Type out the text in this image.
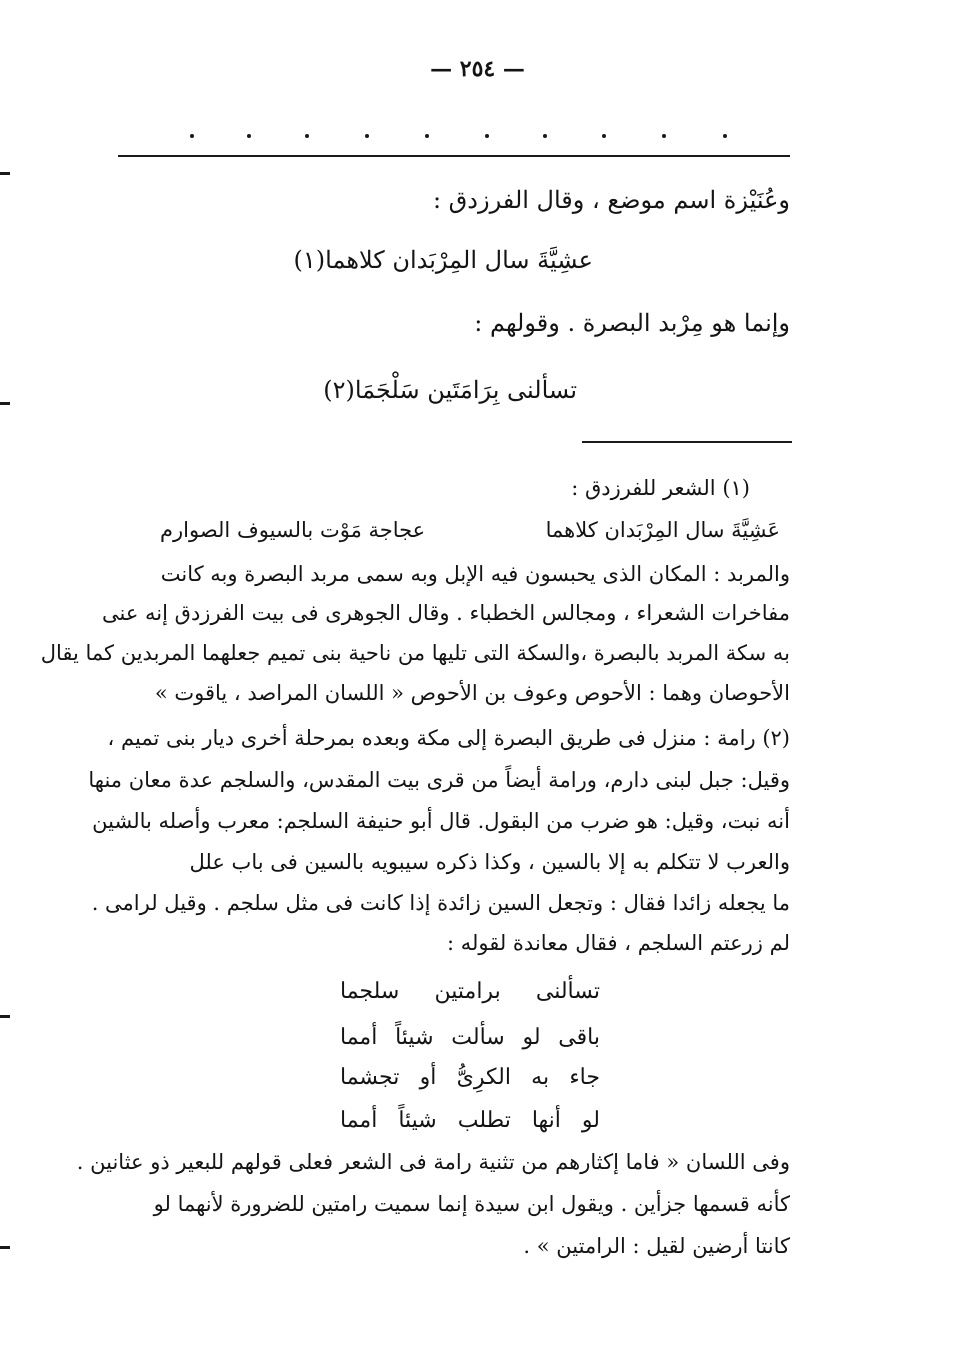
— ٢٥٤ —
وعُنَيْزة اسم موضع ، وقال الفرزدق :
عشِيَّةَ سال المِرْبَدان كلاهما(١)
وإنما هو مِرْبد البصرة . وقولهم :
تسألنى بِرَامَتَين سَلْجَمَا(٢)
(١) الشعر للفرزدق :
عَشِيَّةَ سال المِرْبَدان كلاهما
عجاجة مَوْت بالسيوف الصوارم
والمربد : المكان الذى يحبسون فيه الإبل وبه سمى مربد البصرة وبه كانت
مفاخرات الشعراء ، ومجالس الخطباء . وقال الجوهرى فى بيت الفرزدق إنه عنى
به سكة المربد بالبصرة ،والسكة التى تليها من ناحية بنى تميم جعلهما المربدين كما يقال
الأحوصان وهما : الأحوص وعوف بن الأحوص « اللسان المراصد ، ياقوت »
(٢) رامة : منزل فى طريق البصرة إلى مكة وبعده بمرحلة أخرى ديار بنى تميم ،
وقيل: جبل لبنى دارم، ورامة أيضاً من قرى بيت المقدس، والسلجم عدة معان منها
أنه نبت، وقيل: هو ضرب من البقول. قال أبو حنيفة السلجم: معرب وأصله بالشين
والعرب لا تتكلم به إلا بالسين ، وكذا ذكره سيبويه بالسين فى باب علل
ما يجعله زائدا فقال : وتجعل السين زائدة إذا كانت فى مثل سلجم . وقيل لرامى .
لم زرعتم السلجم ، فقال معاندة لقوله :
تسألنى برامتين سلجما
باقى لو سألت شيئاً أمما
جاء به الكرِىُّ أو تجشما
لو أنها تطلب شيئاً أمما
وفى اللسان « فاما إكثارهم من تثنية رامة فى الشعر فعلى قولهم للبعير ذو عثانين .
كأنه قسمها جزأين . ويقول ابن سيدة إنما سميت رامتين للضرورة لأنهما لو
كانتا أرضين لقيل : الرامتين » .
